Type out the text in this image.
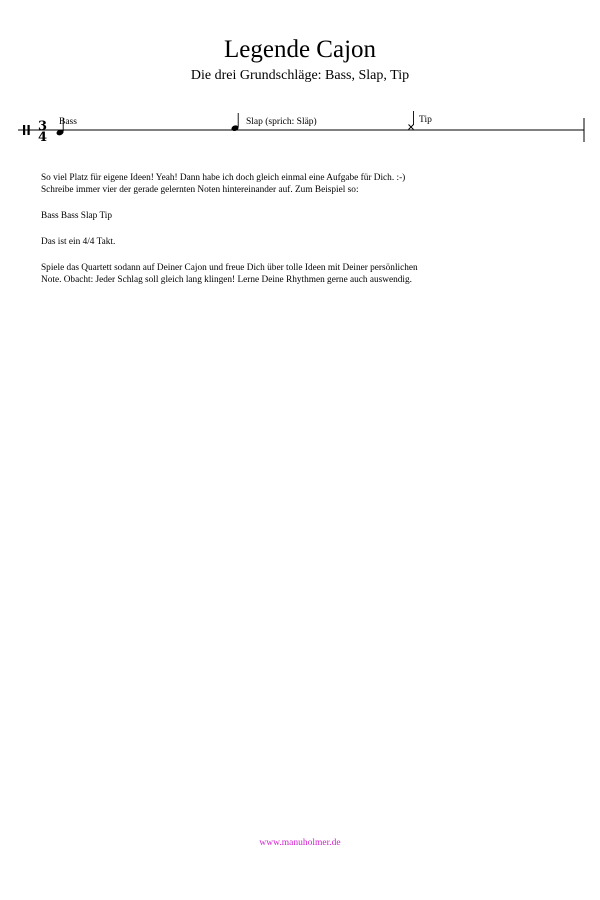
Legende Cajon
Die drei Grundschläge: Bass, Slap, Tip
3
4
Bass	Slap (sprich: Släp)	Tip

So viel Platz für eigene Ideen! Yeah! Dann habe ich doch gleich einmal eine Aufgabe für Dich. :-)

Schreibe immer vier der gerade gelernten Noten hintereinander auf. Zum Beispiel so:

Bass Bass Slap Tip

Das ist ein 4/4 Takt.

Spiele das Quartett sodann auf Deiner Cajon und freue Dich über tolle Ideen mit Deiner persönlichen

Note. Obacht: Jeder Schlag soll gleich lang klingen! Lerne Deine Rhythmen gerne auch auswendig.

www.manuholmer.de
